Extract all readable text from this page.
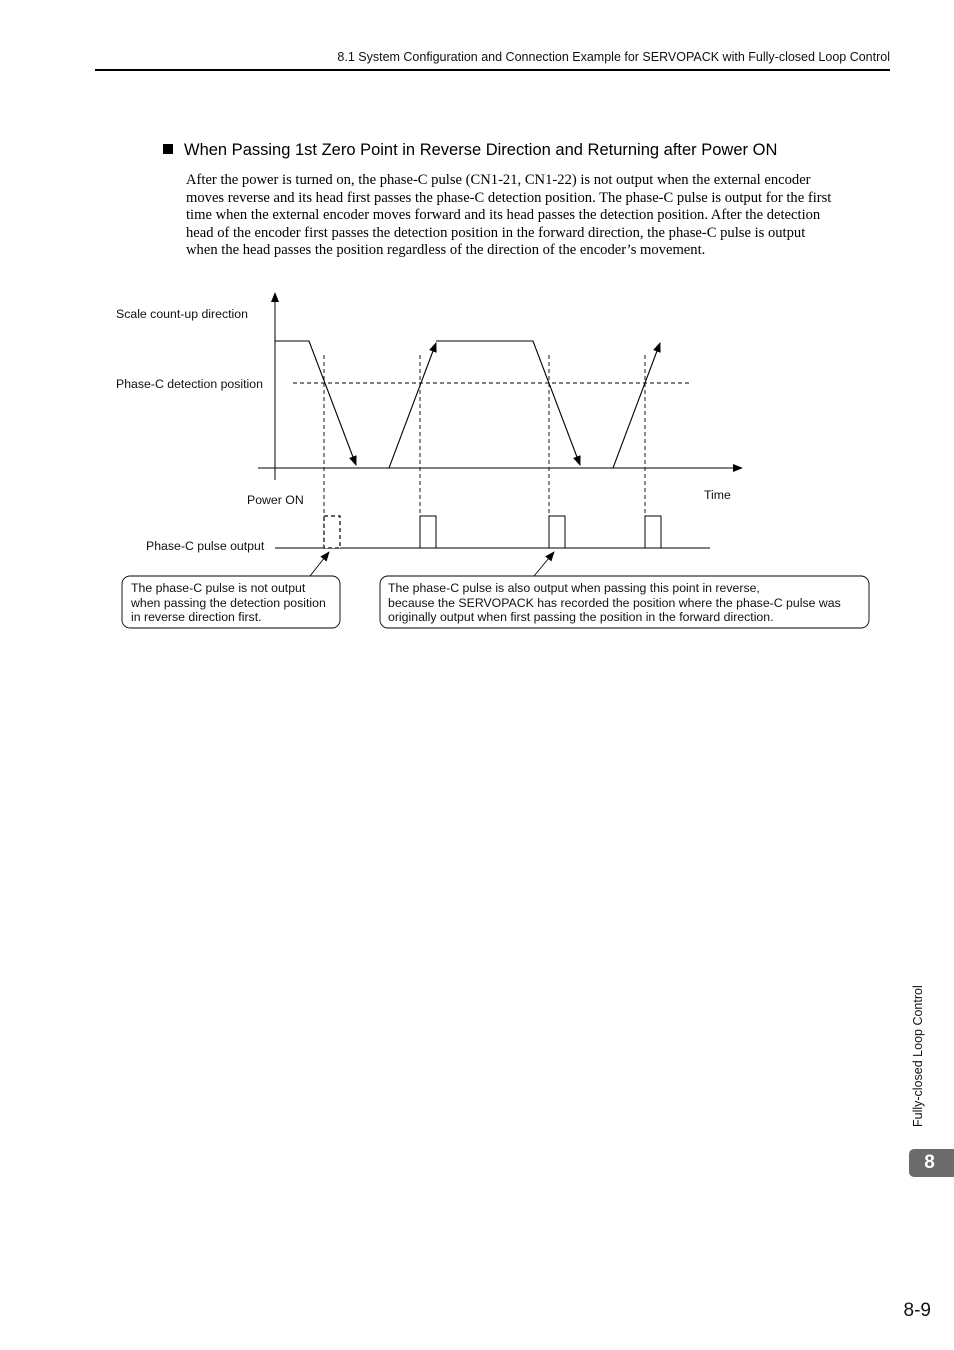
8.1 System Configuration and Connection Example for SERVOPACK with Fully-closed Loop Control
When Passing 1st Zero Point in Reverse Direction and Returning after Power ON

After the power is turned on, the phase-C pulse (CN1-21, CN1-22) is not output when the external encoder

moves reverse and its head first passes the phase-C detection position. The phase-C pulse is output for the first

time when the external encoder moves forward and its head passes the detection position. After the detection

head of the encoder first passes the detection position in the forward direction, the phase-C pulse is output

when the head passes the position regardless of the direction of the encoder’s movement.

Scale count-up direction
Phase-C detection position
Power ON	Time
Phase-C pulse output
The phase-C pulse is not output
when passing the detection position
in reverse direction first.
The phase-C pulse is also output when passing this point in reverse,
because the SERVOPACK has recorded the position where the phase-C pulse was
originally output when first passing the position in the forward direction.
Fully-closed Loop Control
8
8-9
